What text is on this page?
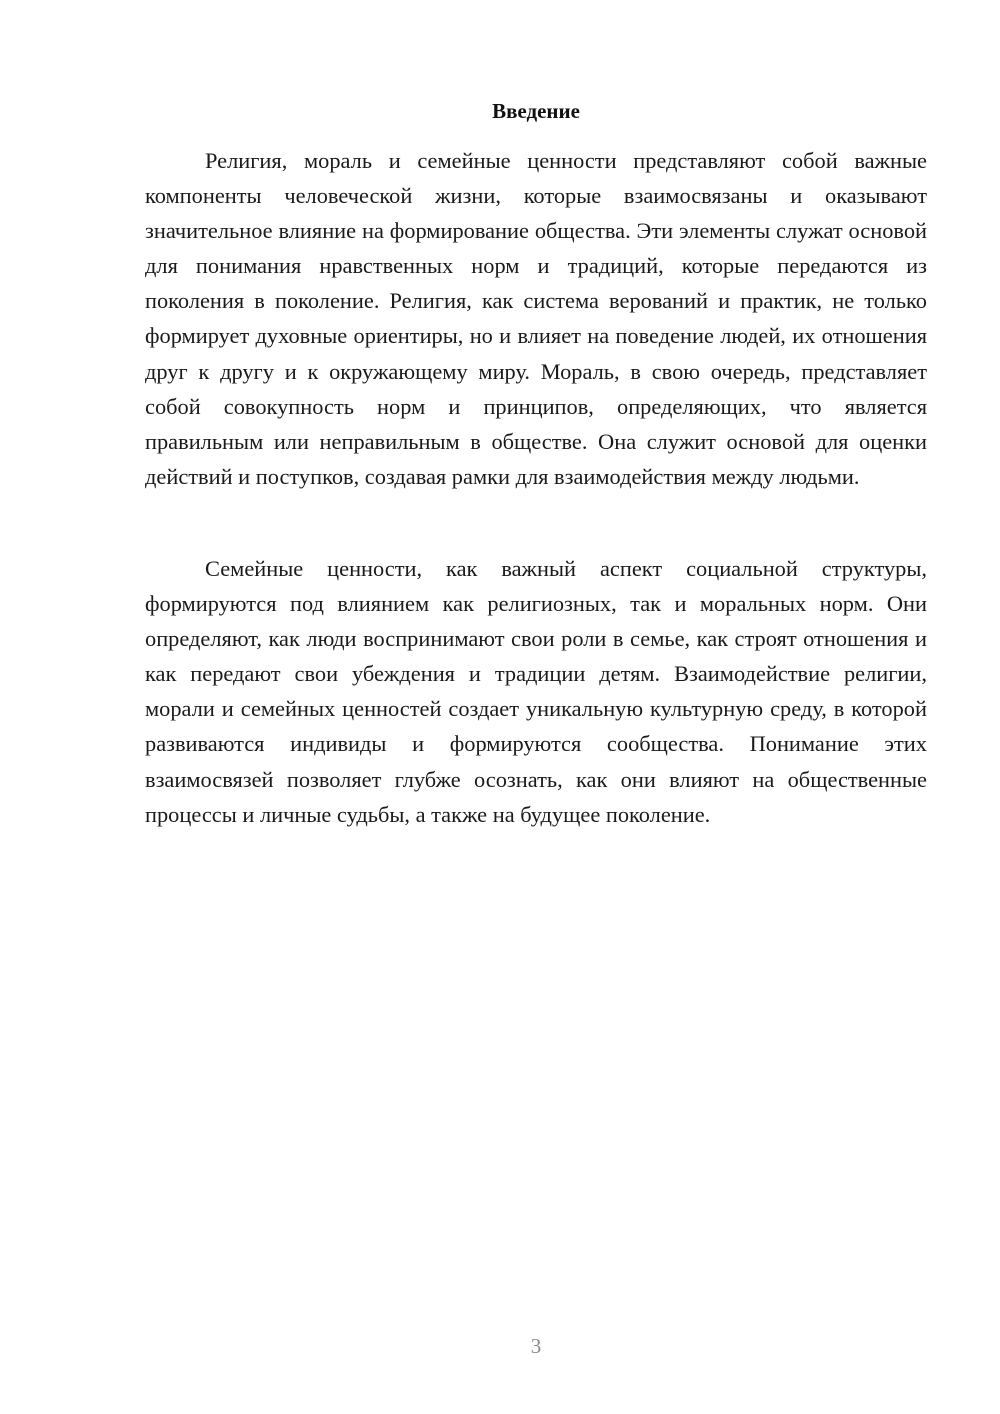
Введение

Религия, мораль и семейные ценности представляют собой важные компоненты человеческой жизни, которые взаимосвязаны и оказывают значительное влияние на формирование общества. Эти элементы служат основой для понимания нравственных норм и традиций, которые передаются из поколения в поколение. Религия, как система верований и практик, не только формирует духовные ориентиры, но и влияет на поведение людей, их отношения друг к другу и к окружающему миру. Мораль, в свою очередь, представляет собой совокупность норм и принципов, определяющих, что является правильным или неправильным в обществе. Она служит основой для оценки действий и поступков, создавая рамки для взаимодействия между людьми.

Семейные ценности, как важный аспект социальной структуры, формируются под влиянием как религиозных, так и моральных норм. Они определяют, как люди воспринимают свои роли в семье, как строят отношения и как передают свои убеждения и традиции детям. Взаимодействие религии, морали и семейных ценностей создает уникальную культурную среду, в которой развиваются индивиды и формируются сообщества. Понимание этих взаимосвязей позволяет глубже осознать, как они влияют на общественные процессы и личные судьбы, а также на будущее поколение.

3
